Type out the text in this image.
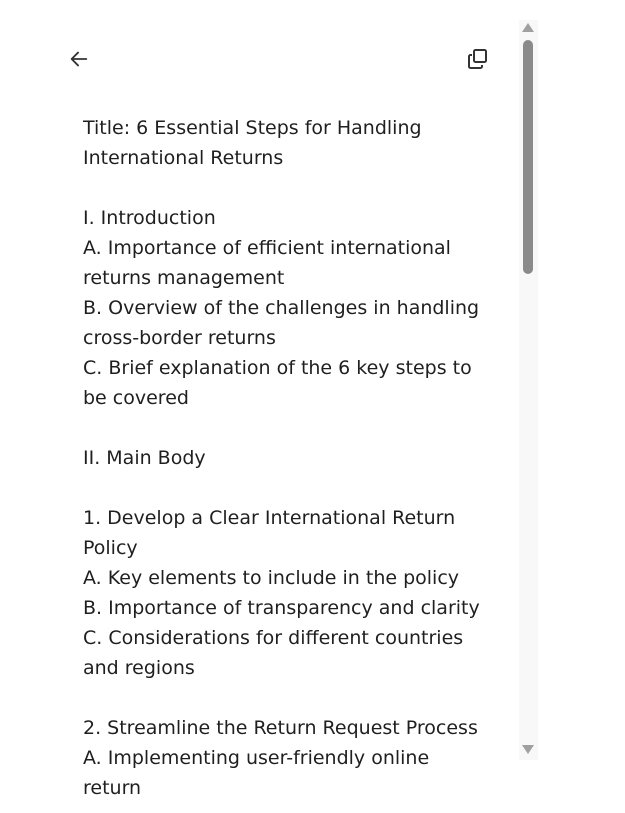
Title: 6 Essential Steps for Handling International Returns

I. Introduction

A. Importance of efficient international returns management

B. Overview of the challenges in handling cross-border returns

C. Brief explanation of the 6 key steps to be covered

II. Main Body

1. Develop a Clear International Return Policy

A. Key elements to include in the policy

B. Importance of transparency and clarity

C. Considerations for different countries and regions

2. Streamline the Return Request Process

A. Implementing user-friendly online return
